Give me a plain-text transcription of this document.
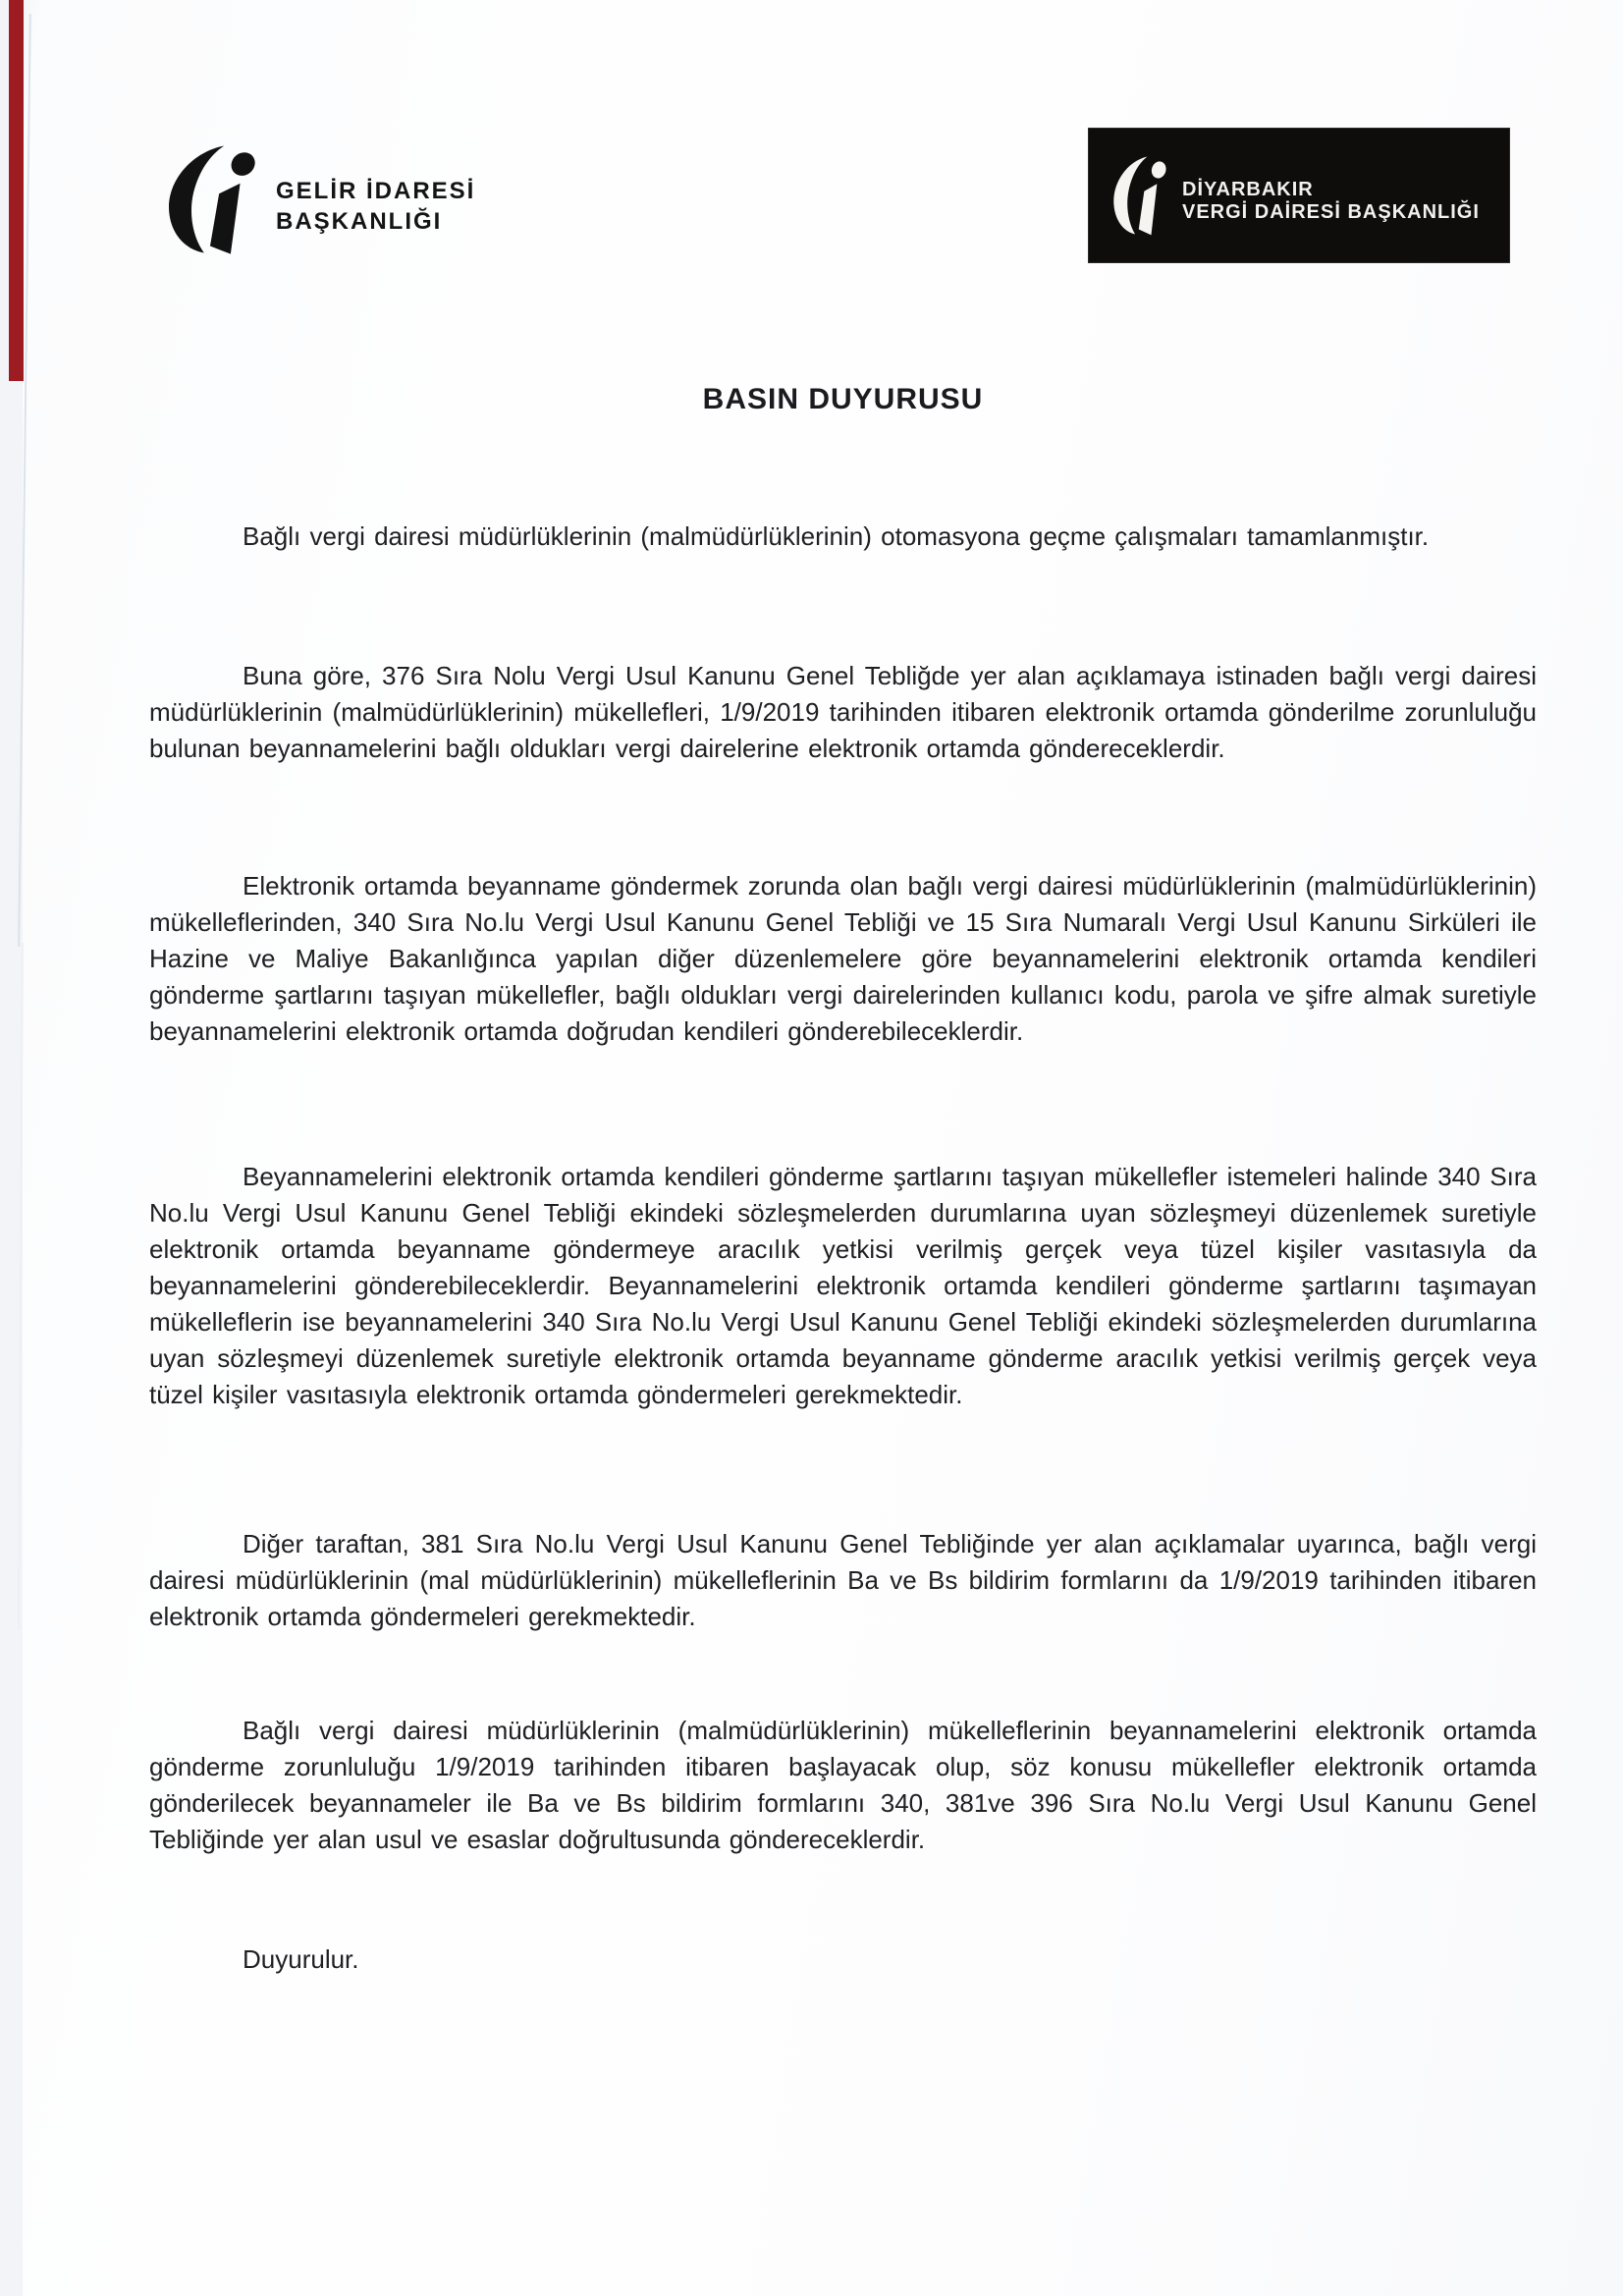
GELİR İDARESİ
BAŞKANLIĞI
DİYARBAKIR
VERGİ DAİRESİ BAŞKANLIĞI
BASIN DUYURUSU

Bağlı vergi dairesi müdürlüklerinin (malmüdürlüklerinin) otomasyona geçme çalışmaları tamamlanmıştır.

Buna göre, 376 Sıra Nolu Vergi Usul Kanunu Genel Tebliğde yer alan açıklamaya istinaden bağlı vergi dairesi müdürlüklerinin (malmüdürlüklerinin) mükellefleri, 1/9/2019 tarihinden itibaren elektronik ortamda gönderilme zorunluluğu bulunan beyannamelerini bağlı oldukları vergi dairelerine elektronik ortamda göndereceklerdir.

Elektronik ortamda beyanname göndermek zorunda olan bağlı vergi dairesi müdürlüklerinin (malmüdürlüklerinin) mükelleflerinden, 340 Sıra No.lu Vergi Usul Kanunu Genel Tebliği ve 15 Sıra Numaralı Vergi Usul Kanunu Sirküleri ile Hazine ve Maliye Bakanlığınca yapılan diğer düzenlemelere göre beyannamelerini elektronik ortamda kendileri gönderme şartlarını taşıyan mükellefler, bağlı oldukları vergi dairelerinden kullanıcı kodu, parola ve şifre almak suretiyle beyannamelerini elektronik ortamda doğrudan kendileri gönderebileceklerdir.

Beyannamelerini elektronik ortamda kendileri gönderme şartlarını taşıyan mükellefler istemeleri halinde 340 Sıra No.lu Vergi Usul Kanunu Genel Tebliği ekindeki sözleşmelerden durumlarına uyan sözleşmeyi düzenlemek suretiyle elektronik ortamda beyanname göndermeye aracılık yetkisi verilmiş gerçek veya tüzel kişiler vasıtasıyla da beyannamelerini gönderebileceklerdir. Beyannamelerini elektronik ortamda kendileri gönderme şartlarını taşımayan mükelleflerin ise beyannamelerini 340 Sıra No.lu Vergi Usul Kanunu Genel Tebliği ekindeki sözleşmelerden durumlarına uyan sözleşmeyi düzenlemek suretiyle elektronik ortamda beyanname gönderme aracılık yetkisi verilmiş gerçek veya tüzel kişiler vasıtasıyla elektronik ortamda göndermeleri gerekmektedir.

Diğer taraftan, 381 Sıra No.lu Vergi Usul Kanunu Genel Tebliğinde yer alan açıklamalar uyarınca, bağlı vergi dairesi müdürlüklerinin (mal müdürlüklerinin) mükelleflerinin Ba ve Bs bildirim formlarını da 1/9/2019 tarihinden itibaren elektronik ortamda göndermeleri gerekmektedir.

Bağlı vergi dairesi müdürlüklerinin (malmüdürlüklerinin) mükelleflerinin beyannamelerini elektronik ortamda gönderme zorunluluğu 1/9/2019 tarihinden itibaren başlayacak olup, söz konusu mükellefler elektronik ortamda gönderilecek beyannameler ile Ba ve Bs bildirim formlarını 340, 381ve 396 Sıra No.lu Vergi Usul Kanunu Genel Tebliğinde yer alan usul ve esaslar doğrultusunda göndereceklerdir.

Duyurulur.
